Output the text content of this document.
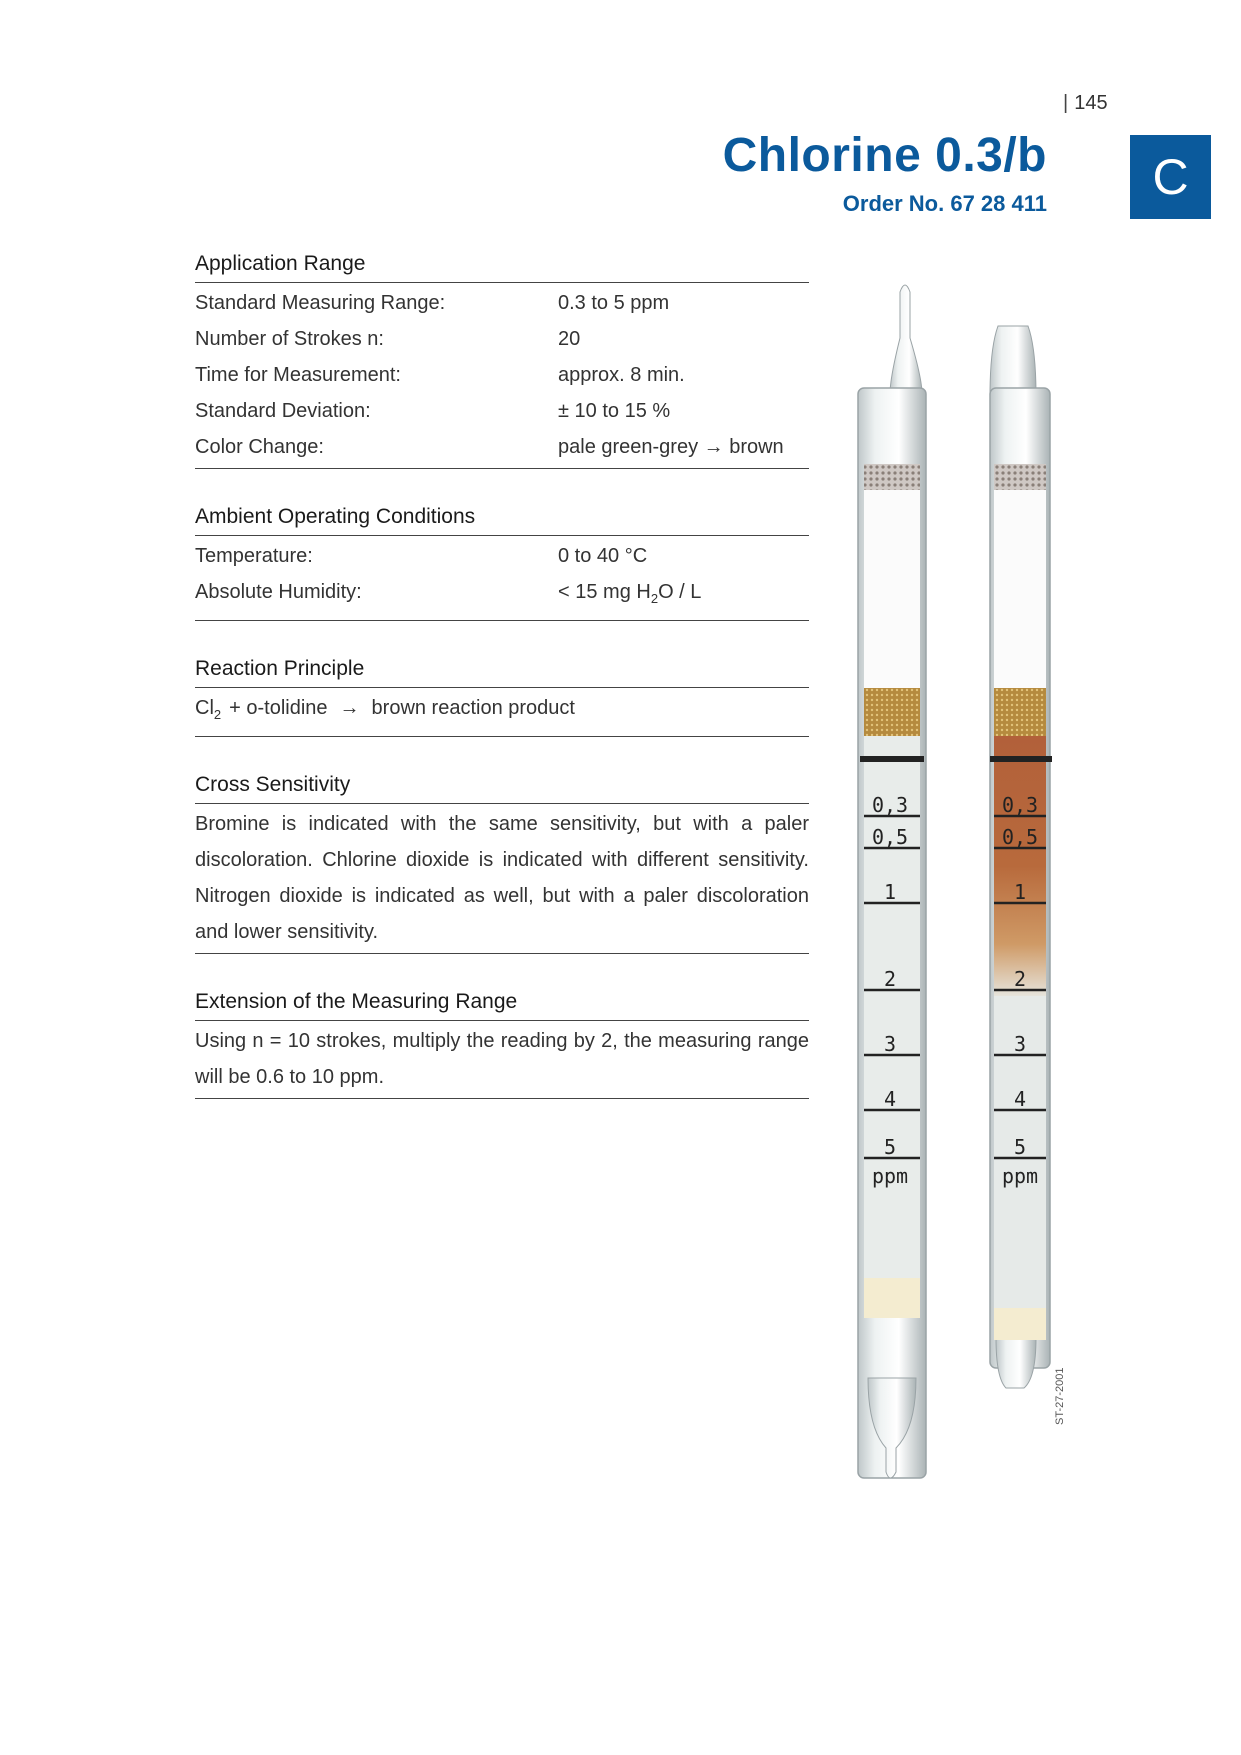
| 145
Chlorine 0.3/b
Order No. 67 28 411	C
Application Range
Standard Measuring Range:	0.3 to 5 ppm
Number of Strokes n:	20
Time for Measurement:	approx. 8 min.
Standard Deviation:	± 10 to 15 %
Color Change:	pale green-grey → brown
Ambient Operating Conditions
Temperature:	0 to 40 °C
Absolute Humidity:	< 15 mg $H_2O$ / L
Reaction Principle
$Cl_2$ + o-tolidine → brown reaction product
Cross Sensitivity

Bromine is indicated with the same sensitivity, but with a paler discoloration. Chlorine dioxide is indicated with different sensitivity. Nitrogen dioxide is indicated as well, but with a paler discoloration and lower sensitivity.

Extension of the Measuring Range

Using n = 10 strokes, multiply the reading by 2, the measuring range will be 0.6 to 10 ppm.

0,3
0,5
1
2
3
4
5
ppm
0,3
0,5
1
2
3
4
5
ppm
ST-27-2001
